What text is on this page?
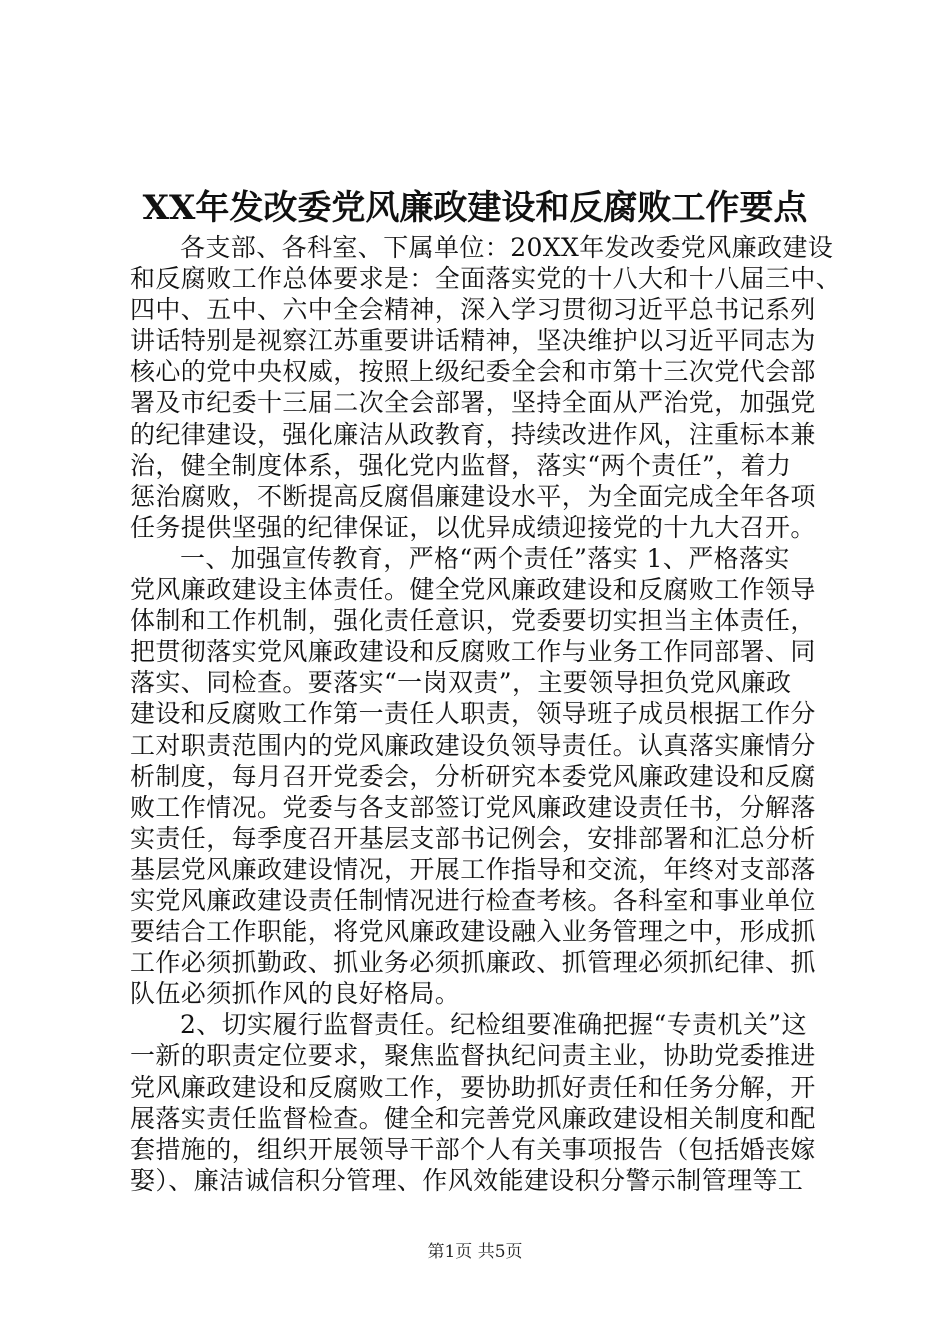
XX年发改委党风廉政建设和反腐败工作要点
各支部、各科室、下属单位：20XX年发改委党风廉政建设
和反腐败工作总体要求是：全面落实党的十八大和十八届三中、
四中、五中、六中全会精神，深入学习贯彻习近平总书记系列
讲话特别是视察江苏重要讲话精神，坚决维护以习近平同志为
核心的党中央权威，按照上级纪委全会和市第十三次党代会部
署及市纪委十三届二次全会部署，坚持全面从严治党，加强党
的纪律建设，强化廉洁从政教育，持续改进作风，注重标本兼
治，健全制度体系，强化党内监督，落实“两个责任”，着力
惩治腐败，不断提高反腐倡廉建设水平，为全面完成全年各项
任务提供坚强的纪律保证，以优异成绩迎接党的十九大召开。
一、加强宣传教育，严格“两个责任”落实 1、严格落实
党风廉政建设主体责任。健全党风廉政建设和反腐败工作领导
体制和工作机制，强化责任意识，党委要切实担当主体责任，
把贯彻落实党风廉政建设和反腐败工作与业务工作同部署、同
落实、同检查。要落实“一岗双责”，主要领导担负党风廉政
建设和反腐败工作第一责任人职责，领导班子成员根据工作分
工对职责范围内的党风廉政建设负领导责任。认真落实廉情分
析制度，每月召开党委会，分析研究本委党风廉政建设和反腐
败工作情况。党委与各支部签订党风廉政建设责任书，分解落
实责任，每季度召开基层支部书记例会，安排部署和汇总分析
基层党风廉政建设情况，开展工作指导和交流，年终对支部落
实党风廉政建设责任制情况进行检查考核。各科室和事业单位
要结合工作职能，将党风廉政建设融入业务管理之中，形成抓
工作必须抓勤政、抓业务必须抓廉政、抓管理必须抓纪律、抓
队伍必须抓作风的良好格局。
2、切实履行监督责任。纪检组要准确把握“专责机关”这
一新的职责定位要求，聚焦监督执纪问责主业，协助党委推进
党风廉政建设和反腐败工作，要协助抓好责任和任务分解，开
展落实责任监督检查。健全和完善党风廉政建设相关制度和配
套措施的，组织开展领导干部个人有关事项报告（包括婚丧嫁
娶）、廉洁诚信积分管理、作风效能建设积分警示制管理等工
第1页 共5页
